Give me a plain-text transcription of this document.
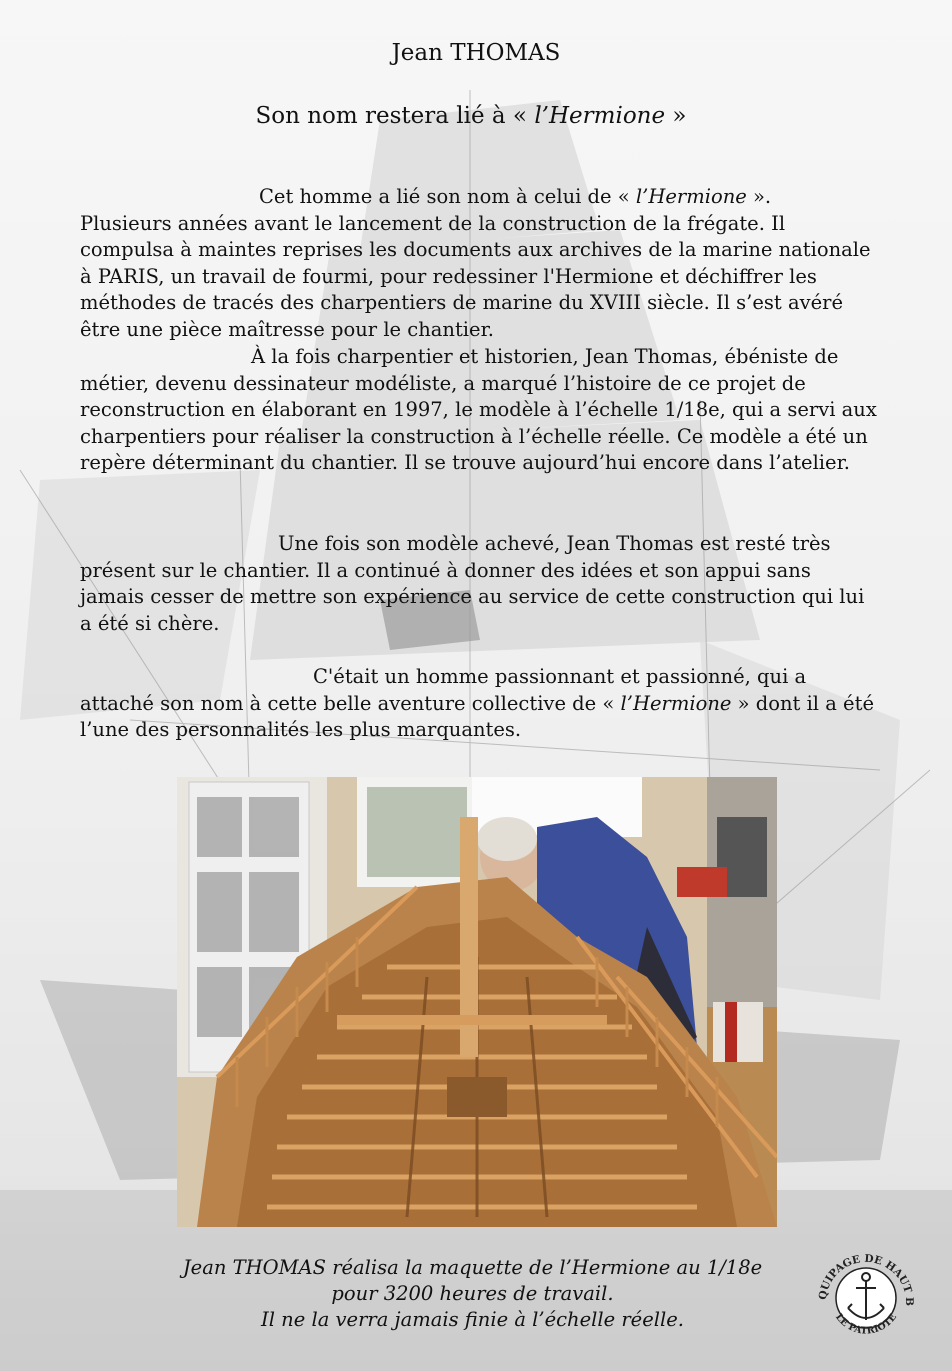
Jean THOMAS
Son nom restera lié à « l’Hermione »
Cet homme a lié son nom à celui de « l’Hermione ».
Plusieurs années avant le lancement de la construction de la frégate. Il compulsa à maintes reprises les documents aux archives de la marine nationale à PARIS, un travail de fourmi, pour redessiner l'Hermione et déchiffrer les méthodes de tracés des charpentiers de marine du XVIII siècle. Il s’est avéré être une pièce maîtresse pour le chantier.
À la fois charpentier et historien, Jean Thomas, ébéniste de métier, devenu dessinateur modéliste, a marqué l’histoire de ce projet de reconstruction en élaborant en 1997, le modèle à l’échelle 1/18e, qui a servi aux charpentiers pour réaliser la construction à l’échelle réelle. Ce modèle a été un repère déterminant du chantier. Il se trouve aujourd’hui encore dans l’atelier.
Une fois son modèle achevé, Jean Thomas est resté très présent sur le chantier. Il a continué à donner des idées et son appui sans jamais cesser de mettre son expérience au service de cette construction qui lui a été si chère.
C'était un homme passionnant et passionné, qui a attaché son nom à cette belle aventure collective de « l’Hermione » dont il a été l’une des personnalités les plus marquantes.
Jean THOMAS réalisa la maquette de l’Hermione au 1/18e
pour 3200 heures de travail.
Il ne la verra jamais finie à l’échelle réelle.
QUIPAGE DE HAUT B
LE PATRIOTE
